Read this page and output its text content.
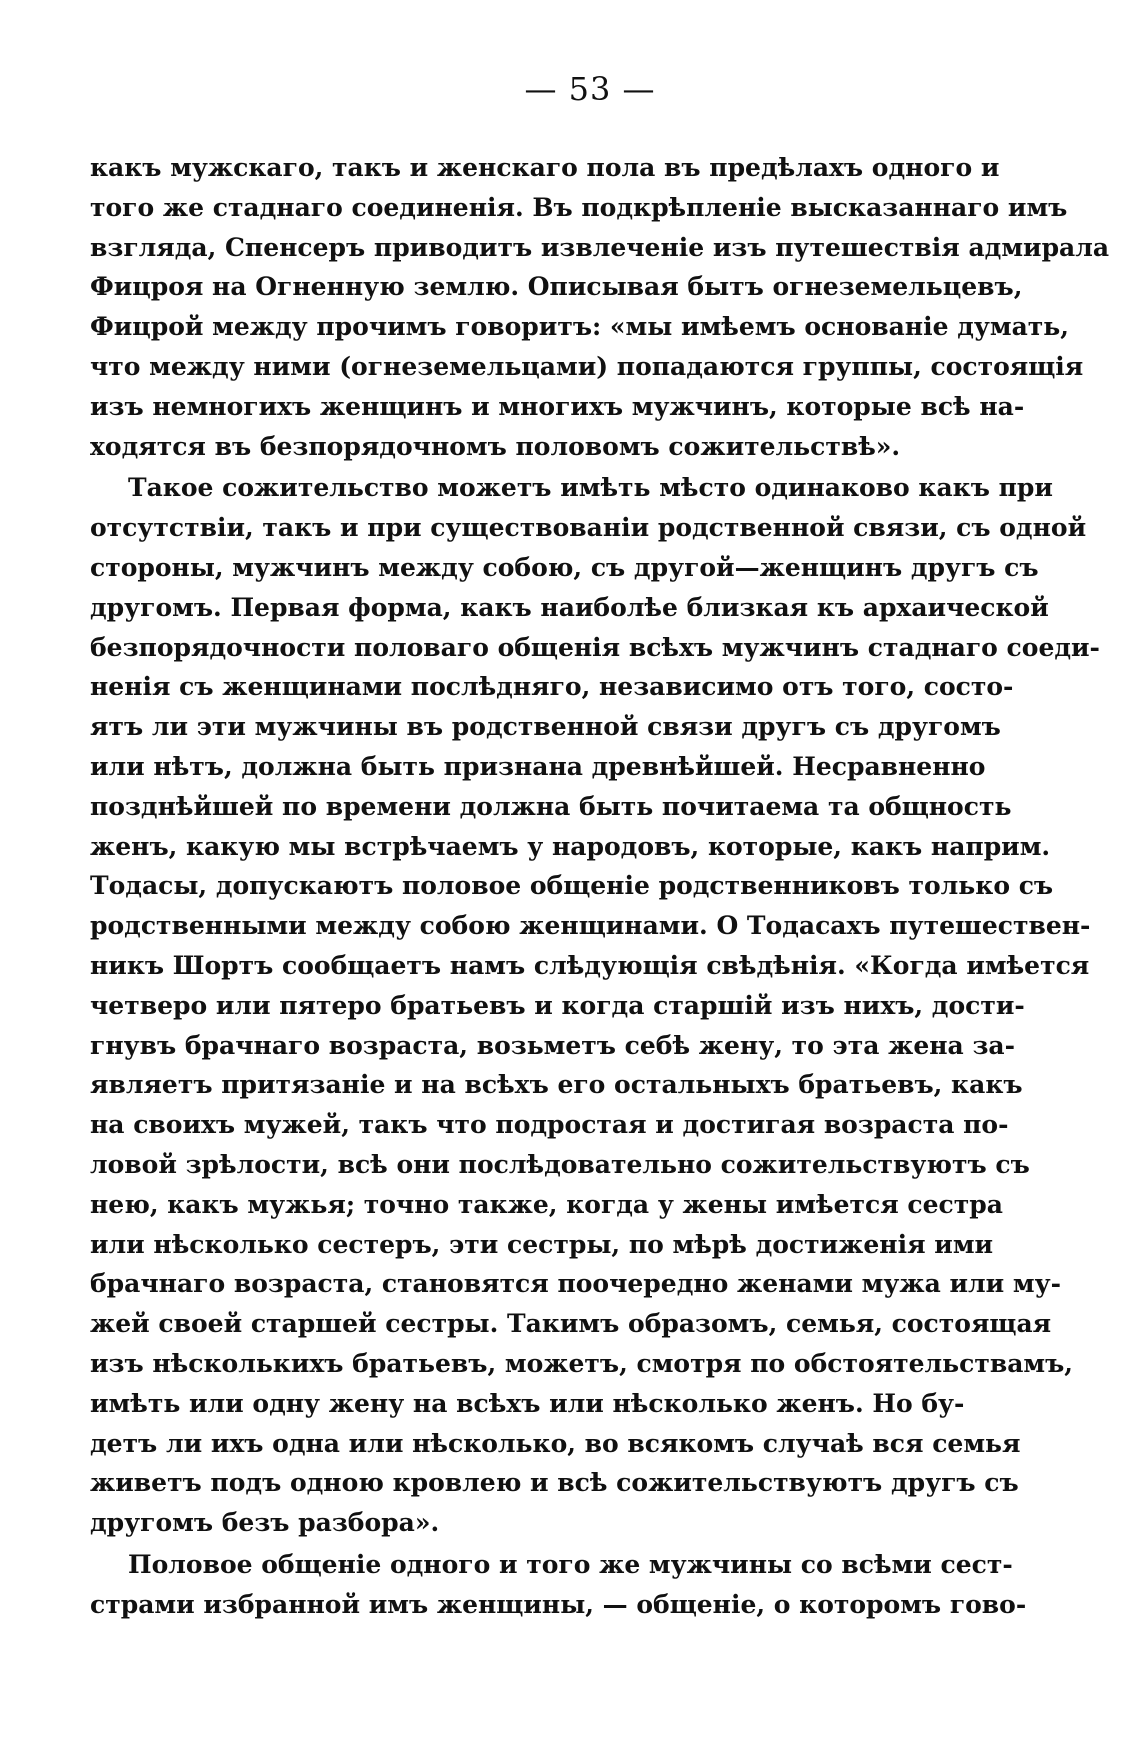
— 53 —
какъ мужскаго, такъ и женскаго пола въ предѣлахъ одного и
того же стаднаго соединенія. Въ подкрѣпленіе высказаннаго имъ
взгляда, Спенсеръ приводитъ извлеченіе изъ путешествія адмирала
Фицроя на Огненную землю. Описывая бытъ огнеземельцевъ,
Фицрой между прочимъ говоритъ: «мы имѣемъ основаніе думать,
что между ними (огнеземельцами) попадаются группы, состоящія
изъ немногихъ женщинъ и многихъ мужчинъ, которые всѣ на-
ходятся въ безпорядочномъ половомъ сожительствѣ».
Такое сожительство можетъ имѣть мѣсто одинаково какъ при
отсутствіи, такъ и при существованіи родственной связи, съ одной
стороны, мужчинъ между собою, съ другой—женщинъ другъ съ
другомъ. Первая форма, какъ наиболѣе близкая къ архаической
безпорядочности половаго общенія всѣхъ мужчинъ стаднаго соеди-
ненія съ женщинами послѣдняго, независимо отъ того, состо-
ятъ ли эти мужчины въ родственной связи другъ съ другомъ
или нѣтъ, должна быть признана древнѣйшей. Несравненно
позднѣйшей по времени должна быть почитаема та общность
женъ, какую мы встрѣчаемъ у народовъ, которые, какъ наприм.
Тодасы, допускаютъ половое общеніе родственниковъ только съ
родственными между собою женщинами. О Тодасахъ путешествен-
никъ Шортъ сообщаетъ намъ слѣдующія свѣдѣнія. «Когда имѣется
четверо или пятеро братьевъ и когда старшій изъ нихъ, дости-
гнувъ брачнаго возраста, возьметъ себѣ жену, то эта жена за-
являетъ притязаніе и на всѣхъ его остальныхъ братьевъ, какъ
на своихъ мужей, такъ что подростая и достигая возраста по-
ловой зрѣлости, всѣ они послѣдовательно сожительствуютъ съ
нею, какъ мужья; точно также, когда у жены имѣется сестра
или нѣсколько сестеръ, эти сестры, по мѣрѣ достиженія ими
брачнаго возраста, становятся поочередно женами мужа или му-
жей своей старшей сестры. Такимъ образомъ, семья, состоящая
изъ нѣсколькихъ братьевъ, можетъ, смотря по обстоятельствамъ,
имѣть или одну жену на всѣхъ или нѣсколько женъ. Но бу-
детъ ли ихъ одна или нѣсколько, во всякомъ случаѣ вся семья
живетъ подъ одною кровлею и всѣ сожительствуютъ другъ съ
другомъ безъ разбора».
Половое общеніе одного и того же мужчины со всѣми сест-
страми избранной имъ женщины, — общеніе, о которомъ гово-
